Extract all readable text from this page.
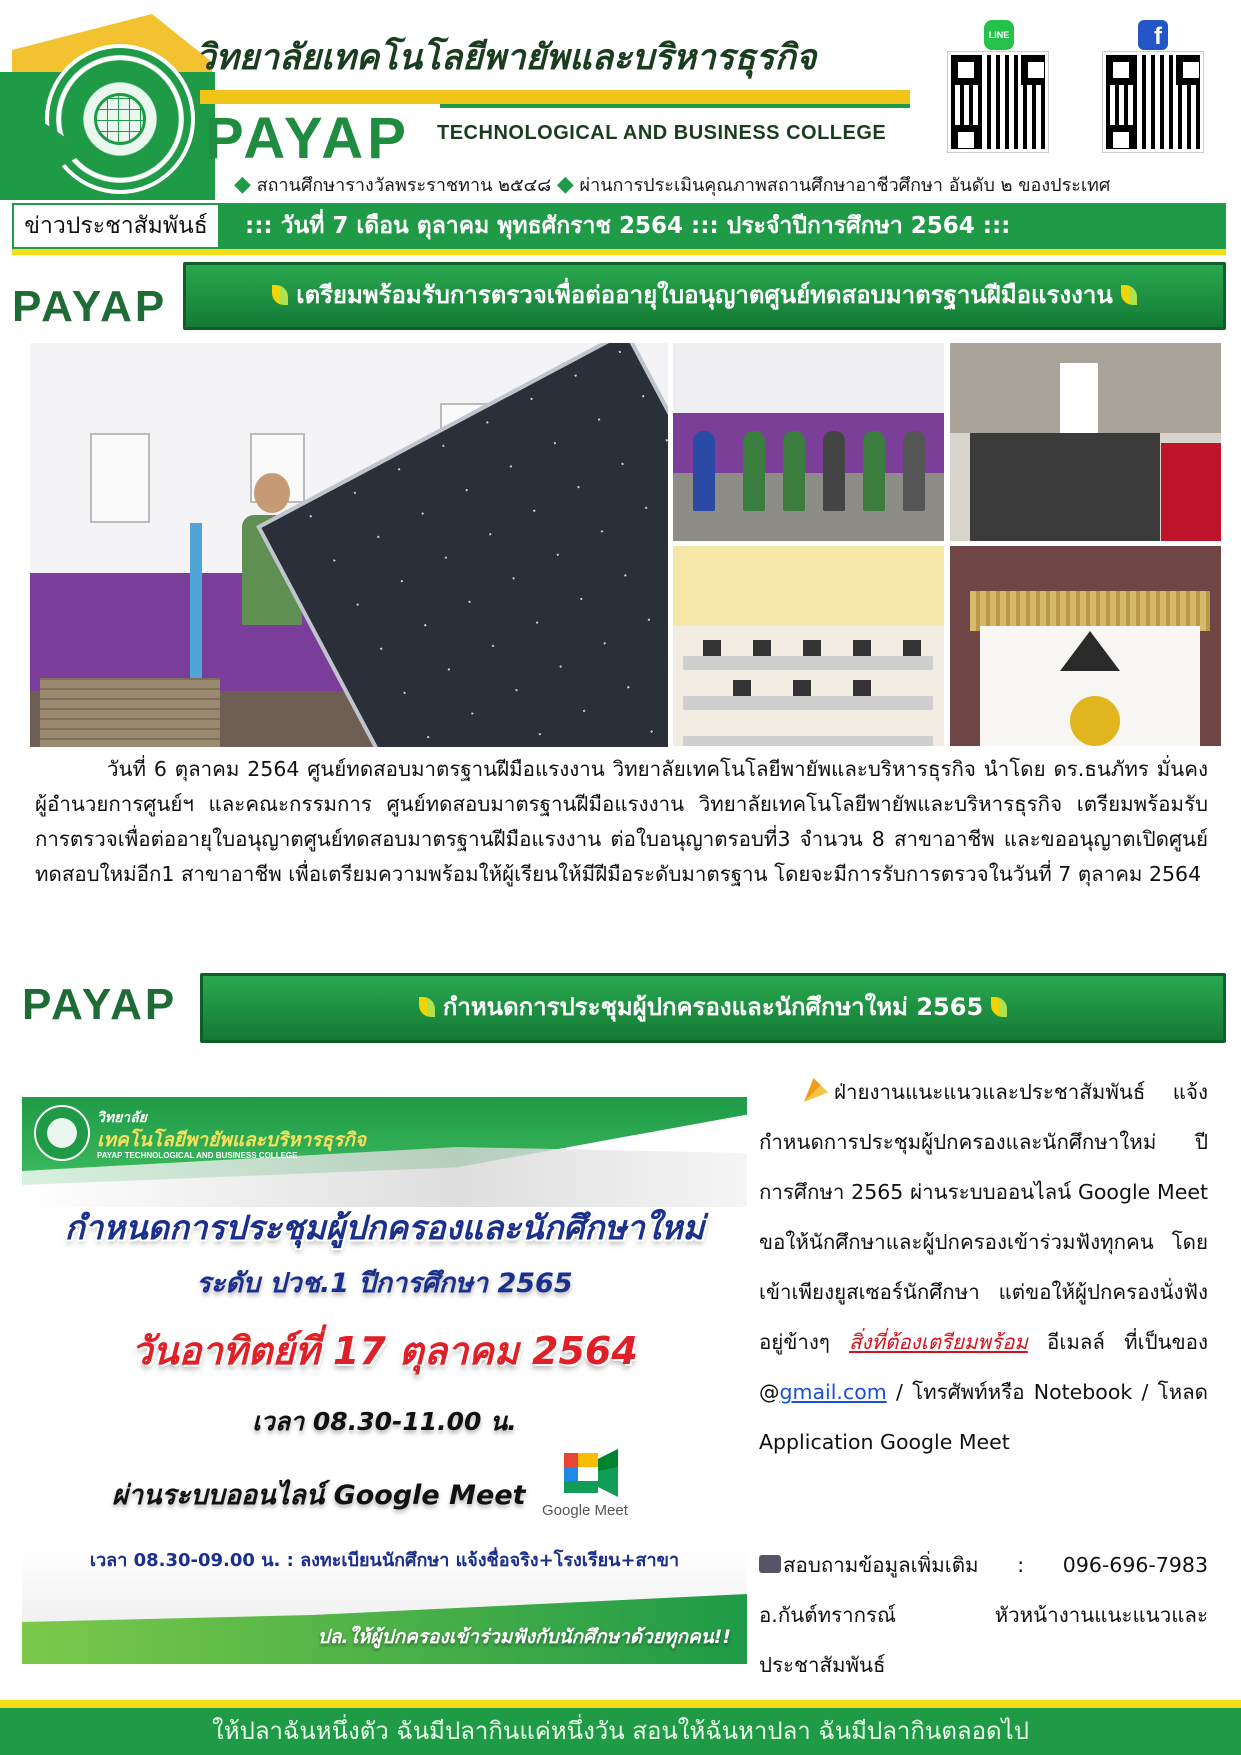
วิทยาลัยเทคโนโลยีพายัพและบริหารธุรกิจ
PAYAP TECHNOLOGICAL AND BUSINESS COLLEGE
◆ สถานศึกษารางวัลพระราชทาน ๒๕๔๘ ◆ ผ่านการประเมินคุณภาพสถานศึกษาอาชีวศึกษา อันดับ ๒ ของประเทศ
LINE	f
ข่าวประชาสัมพันธ์	::: วันที่ 7 เดือน ตุลาคม พุทธศักราช 2564 ::: ประจำปีการศึกษา 2564 :::
PAYAP	เตรียมพร้อมรับการตรวจเพื่อต่ออายุใบอนุญาตศูนย์ทดสอบมาตรฐานฝีมือแรงงาน
วันที่ 6 ตุลาคม 2564 ศูนย์ทดสอบมาตรฐานฝีมือแรงงาน วิทยาลัยเทคโนโลยีพายัพและบริหารธุรกิจ นำโดย ดร.ธนภัทร มั่นคง ผู้อำนวยการศูนย์ฯ และคณะกรรมการ ศูนย์ทดสอบมาตรฐานฝีมือแรงงาน วิทยาลัยเทคโนโลยีพายัพและบริหารธุรกิจ เตรียมพร้อมรับการตรวจเพื่อต่ออายุใบอนุญาตศูนย์ทดสอบมาตรฐานฝีมือแรงงาน ต่อใบอนุญาตรอบที่3 จำนวน 8 สาขาอาชีพ และขออนุญาตเปิดศูนย์ทดสอบใหม่อีก1 สาขาอาชีพ เพื่อเตรียมความพร้อมให้ผู้เรียนให้มีฝีมือระดับมาตรฐาน โดยจะมีการรับการตรวจในวันที่ 7 ตุลาคม 2564
PAYAP	กำหนดการประชุมผู้ปกครองและนักศึกษาใหม่ 2565
วิทยาลัย
เทคโนโลยีพายัพและบริหารธุรกิจ
PAYAP TECHNOLOGICAL AND BUSINESS COLLEGE
กำหนดการประชุมผู้ปกครองและนักศึกษาใหม่
ระดับ ปวช.1 ปีการศึกษา 2565
วันอาทิตย์ที่ 17 ตุลาคม 2564
เวลา 08.30-11.00 น.
ผ่านระบบออนไลน์ Google Meet Google Meet
เวลา 08.30-09.00 น. : ลงทะเบียนนักศึกษา แจ้งชื่อจริง+โรงเรียน+สาขา
ปล.ให้ผู้ปกครองเข้าร่วมฟังกับนักศึกษาด้วยทุกคน!!
ฝ่ายงานแนะแนวและประชาสัมพันธ์ แจ้งกำหนดการประชุมผู้ปกครองและนักศึกษาใหม่ ปีการศึกษา 2565 ผ่านระบบออนไลน์ Google Meet ขอให้นักศึกษาและผู้ปกครองเข้าร่วมฟังทุกคน โดยเข้าเพียงยูสเซอร์นักศึกษา แต่ขอให้ผู้ปกครองนั่งฟังอยู่ข้างๆ สิ่งที่ต้องเตรียมพร้อม อีเมลล์ ที่เป็นของ @gmail.com / โทรศัพท์หรือ Notebook / โหลด Application Google Meet
สอบถามข้อมูลเพิ่มเติม : 096-696-7983 อ.กันต์ทรากรณ์ หัวหน้างานแนะแนวและประชาสัมพันธ์
ให้ปลาฉันหนึ่งตัว ฉันมีปลากินแค่หนึ่งวัน สอนให้ฉันหาปลา ฉันมีปลากินตลอดไป
